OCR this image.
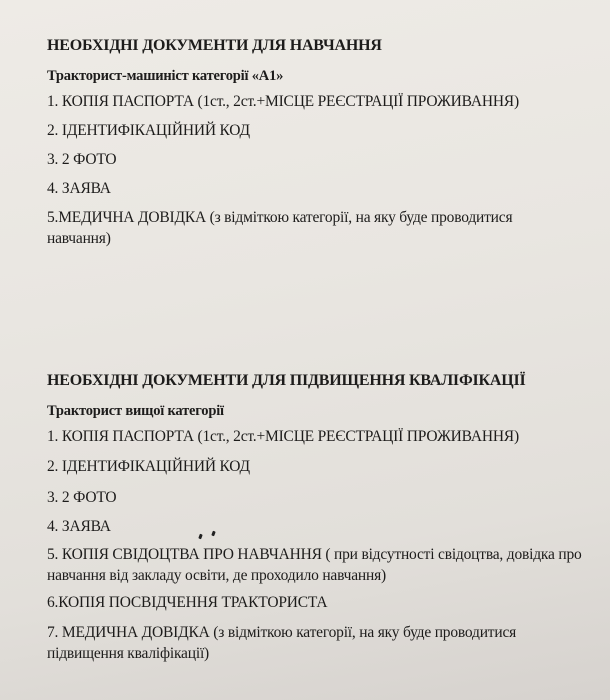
НЕОБХІДНІ ДОКУМЕНТИ ДЛЯ НАВЧАННЯ
Тракторист-машиніст категорії «А1»
1. КОПІЯ ПАСПОРТА (1ст., 2ст.+МІСЦЕ РЕЄСТРАЦІЇ ПРОЖИВАННЯ)
2. ІДЕНТИФІКАЦІЙНИЙ КОД
3. 2 ФОТО
4. ЗАЯВА
5.МЕДИЧНА ДОВІДКА (з відміткою категорії, на яку буде проводитися навчання)
НЕОБХІДНІ ДОКУМЕНТИ ДЛЯ ПІДВИЩЕННЯ КВАЛІФІКАЦІЇ
Тракторист вищої категорії
1. КОПІЯ ПАСПОРТА (1ст., 2ст.+МІСЦЕ РЕЄСТРАЦІЇ ПРОЖИВАННЯ)
2. ІДЕНТИФІКАЦІЙНИЙ КОД
3. 2 ФОТО
4. ЗАЯВА
5. КОПІЯ СВІДОЦТВА ПРО НАВЧАННЯ ( при відсутності свідоцтва, довідка про навчання від закладу освіти, де проходило навчання)
6.КОПІЯ ПОСВІДЧЕННЯ ТРАКТОРИСТА
7. МЕДИЧНА ДОВІДКА (з відміткою категорії, на яку буде проводитися підвищення кваліфікації)
